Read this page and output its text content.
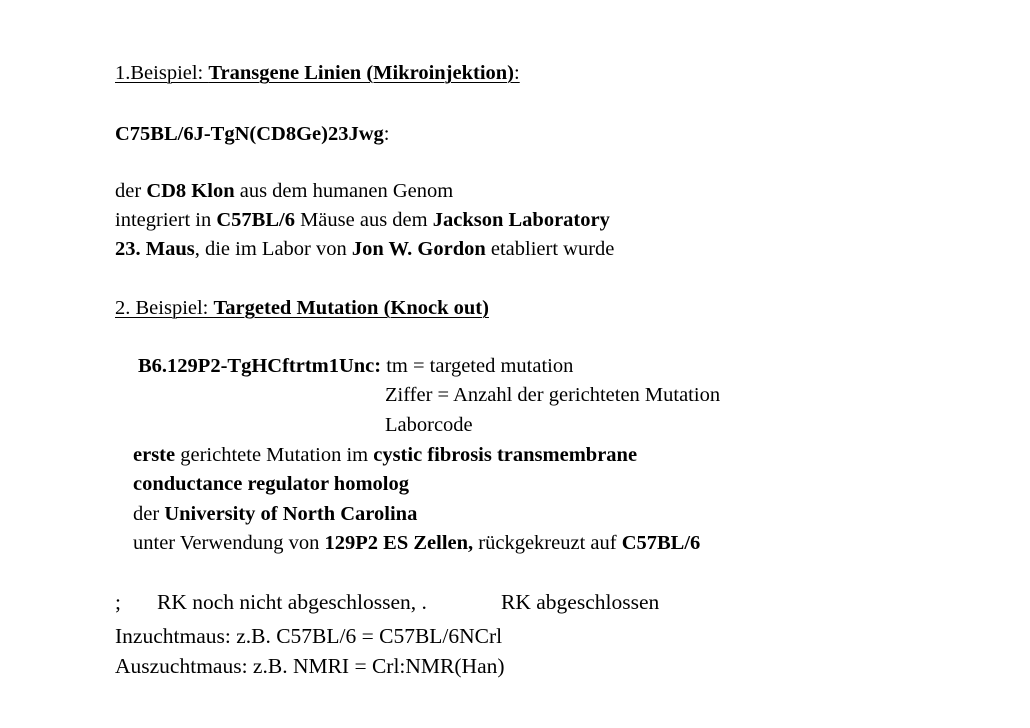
1.Beispiel: Transgene Linien (Mikroinjektion):
C75BL/6J-TgN(CD8Ge)23Jwg:
der CD8 Klon aus dem humanen Genom
integriert in C57BL/6 Mäuse aus dem Jackson Laboratory
23. Maus, die im Labor von Jon W. Gordon etabliert wurde
2. Beispiel: Targeted Mutation (Knock out)
B6.129P2-TgHCftrtm1Unc: tm = targeted mutation
Ziffer = Anzahl der gerichteten Mutation
Laborcode
erste gerichtete Mutation im cystic fibrosis transmembrane
conductance regulator homolog
der University of North Carolina
unter Verwendung von 129P2 ES Zellen, rückgekreuzt auf C57BL/6
; RK noch nicht abgeschlossen, .	RK abgeschlossen
Inzuchtmaus: z.B. C57BL/6 = C57BL/6NCrl
Auszuchtmaus: z.B. NMRI = Crl:NMR(Han)
